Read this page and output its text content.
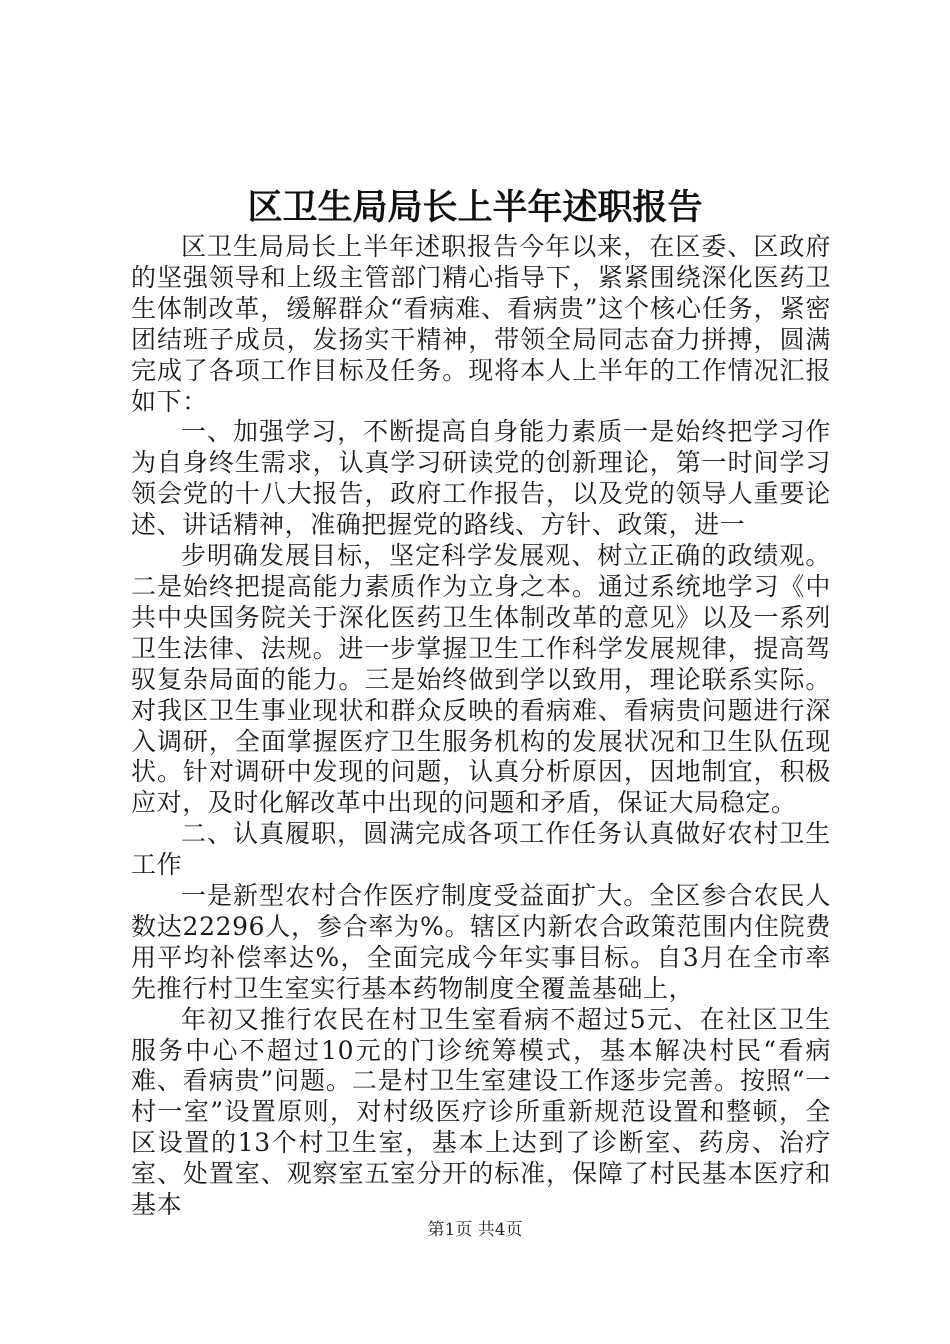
区卫生局局长上半年述职报告

区卫生局局长上半年述职报告今年以来，在区委、区政府的坚强领导和上级主管部门精心指导下，紧紧围绕深化医药卫生体制改革，缓解群众“看病难、看病贵”这个核心任务，紧密团结班子成员，发扬实干精神，带领全局同志奋力拼搏，圆满完成了各项工作目标及任务。现将本人上半年的工作情况汇报如下：

一、加强学习，不断提高自身能力素质一是始终把学习作为自身终生需求，认真学习研读党的创新理论，第一时间学习领会党的十八大报告，政府工作报告，以及党的领导人重要论述、讲话精神，准确把握党的路线、方针、政策，进一

步明确发展目标，坚定科学发展观、树立正确的政绩观。二是始终把提高能力素质作为立身之本。通过系统地学习《中共中央国务院关于深化医药卫生体制改革的意见》以及一系列卫生法律、法规。进一步掌握卫生工作科学发展规律，提高驾驭复杂局面的能力。三是始终做到学以致用，理论联系实际。对我区卫生事业现状和群众反映的看病难、看病贵问题进行深入调研，全面掌握医疗卫生服务机构的发展状况和卫生队伍现状。针对调研中发现的问题，认真分析原因，因地制宜，积极应对，及时化解改革中出现的问题和矛盾，保证大局稳定。

二、认真履职，圆满完成各项工作任务认真做好农村卫生工作

一是新型农村合作医疗制度受益面扩大。全区参合农民人数达22296人，参合率为%。辖区内新农合政策范围内住院费用平均补偿率达%，全面完成今年实事目标。自3月在全市率先推行村卫生室实行基本药物制度全覆盖基础上，

年初又推行农民在村卫生室看病不超过5元、在社区卫生服务中心不超过10元的门诊统筹模式，基本解决村民“看病难、看病贵”问题。二是村卫生室建设工作逐步完善。按照“一村一室”设置原则，对村级医疗诊所重新规范设置和整顿，全区设置的13个村卫生室，基本上达到了诊断室、药房、治疗室、处置室、观察室五室分开的标准，保障了村民基本医疗和基本

第1页 共4页
